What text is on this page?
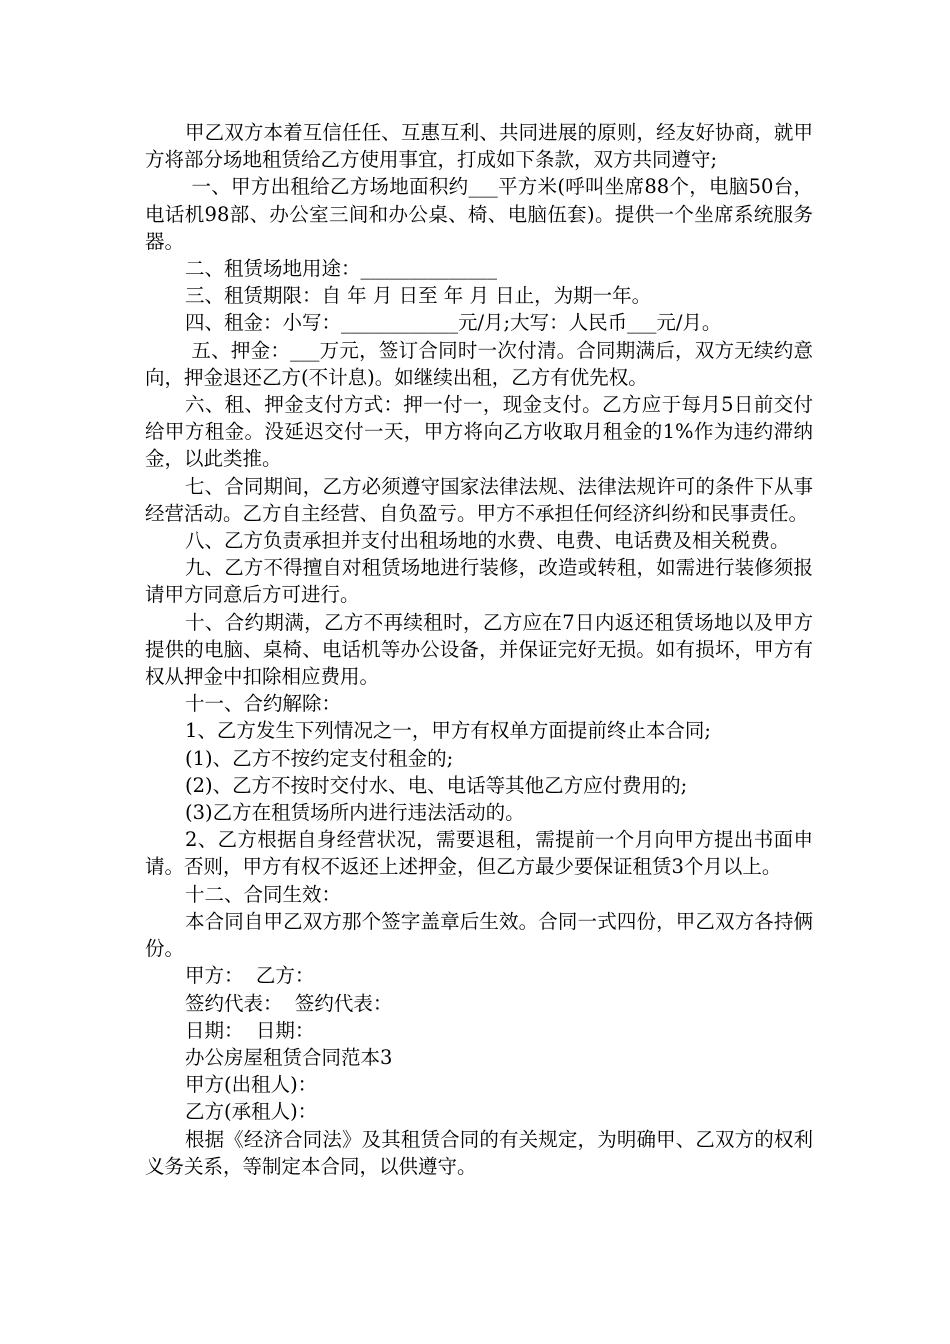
甲乙双方本着互信任任、互惠互利、共同进展的原则，经友好协商，就甲方将部分场地租赁给乙方使用事宜，打成如下条款，双方共同遵守;

一、甲方出租给乙方场地面积约___平方米(呼叫坐席88个，电脑50台，电话机98部、办公室三间和办公桌、椅、电脑伍套)。提供一个坐席系统服务器。

二、租赁场地用途：______________

三、租赁期限：自 年 月 日至 年 月 日止，为期一年。

四、租金：小写：____________元/月;大写：人民币___元/月。

五、押金：___万元，签订合同时一次付清。合同期满后，双方无续约意向，押金退还乙方(不计息)。如继续出租，乙方有优先权。

六、租、押金支付方式：押一付一，现金支付。乙方应于每月5日前交付给甲方租金。没延迟交付一天，甲方将向乙方收取月租金的1%作为违约滞纳金，以此类推。

七、合同期间，乙方必须遵守国家法律法规、法律法规许可的条件下从事经营活动。乙方自主经营、自负盈亏。甲方不承担任何经济纠纷和民事责任。

八、乙方负责承担并支付出租场地的水费、电费、电话费及相关税费。

九、乙方不得擅自对租赁场地进行装修，改造或转租，如需进行装修须报请甲方同意后方可进行。

十、合约期满，乙方不再续租时，乙方应在7日内返还租赁场地以及甲方提供的电脑、桌椅、电话机等办公设备，并保证完好无损。如有损坏，甲方有权从押金中扣除相应费用。

十一、合约解除：

1、乙方发生下列情况之一，甲方有权单方面提前终止本合同;

(1)、乙方不按约定支付租金的;

(2)、乙方不按时交付水、电、电话等其他乙方应付费用的;

(3)乙方在租赁场所内进行违法活动的。

2、乙方根据自身经营状况，需要退租，需提前一个月向甲方提出书面申请。否则，甲方有权不返还上述押金，但乙方最少要保证租赁3个月以上。

十二、合同生效：

本合同自甲乙双方那个签字盖章后生效。合同一式四份，甲乙双方各持俩份。

甲方：  乙方：

签约代表：  签约代表：

日期：  日期：

办公房屋租赁合同范本3

甲方(出租人)：

乙方(承租人)：

根据《经济合同法》及其租赁合同的有关规定，为明确甲、乙双方的权利义务关系，等制定本合同，以供遵守。
